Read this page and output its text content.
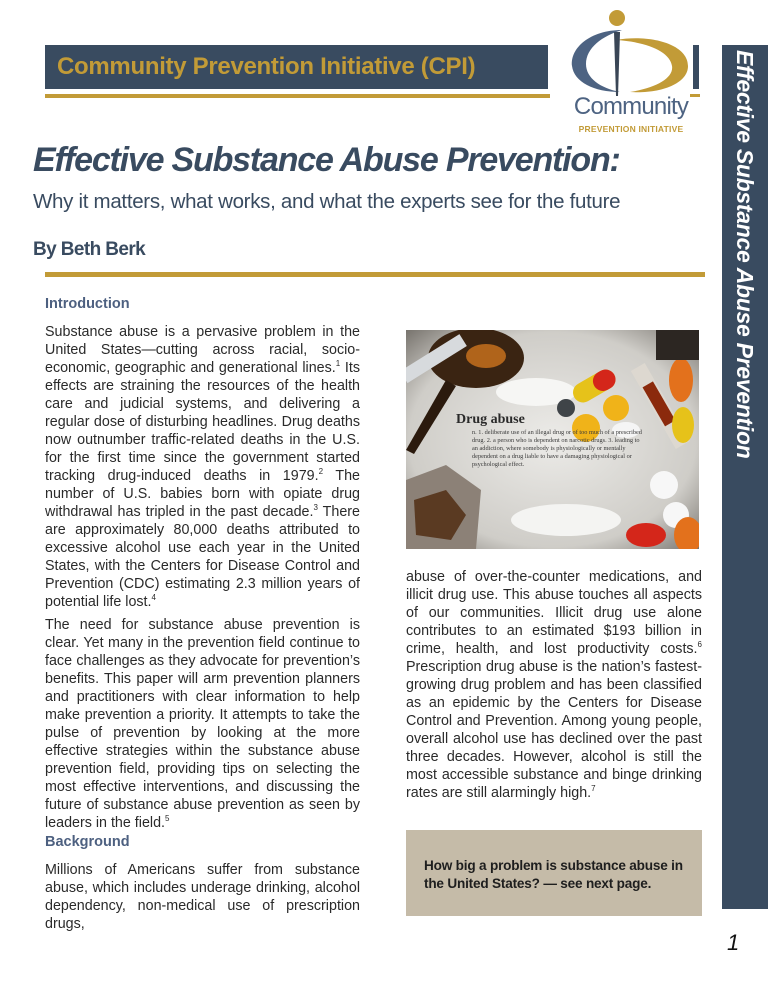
Community Prevention Initiative (CPI)
Community
PREVENTION INITIATIVE	Effective Substance Abuse Prevention
Effective Substance Abuse Prevention:
Why it matters, what works, and what the experts see for the future
By Beth Berk
Introduction
Substance abuse is a pervasive problem in the United States—cutting across racial, socio-economic, geographic and generational lines.$^1$ Its effects are straining the resources of the health care and judicial systems, and delivering a regular dose of disturbing headlines. Drug deaths now outnumber traffic-related deaths in the U.S. for the first time since the government started tracking drug-induced deaths in 1979.$^2$ The number of U.S. babies born with opiate drug withdrawal has tripled in the past decade.$^3$ There are approximately 80,000 deaths attributed to excessive alcohol use each year in the United States, with the Centers for Disease Control and Prevention (CDC) estimating 2.3 million years of potential life lost.$^4$
The need for substance abuse prevention is clear. Yet many in the prevention field continue to face challenges as they advocate for prevention’s benefits. This paper will arm prevention planners and practitioners with clear information to help make prevention a priority. It attempts to take the pulse of prevention by looking at the more effective strategies within the substance abuse prevention field, providing tips on selecting the most effective interventions, and discussing the future of substance abuse prevention as seen by leaders in the field.$^5$
Background
Millions of Americans suffer from substance abuse, which includes underage drinking, alcohol dependency, non-medical use of prescription drugs,
Drug abuse
n. 1. deliberate use of an illegal drug or of too much of a prescribed drug. 2. a person who is dependent on narcotic drugs. 3. leading to an addiction, where somebody is physiologically or mentally dependent on a drug liable to have a damaging physiological or psychological effect.
abuse of over-the-counter medications, and illicit drug use. This abuse touches all aspects of our communities. Illicit drug use alone contributes to an estimated $193 billion in crime, health, and lost productivity costs.$^6$ Prescription drug abuse is the nation’s fastest-growing drug problem and has been classified as an epidemic by the Centers for Disease Control and Prevention. Among young people, overall alcohol use has declined over the past three decades. However, alcohol is still the most accessible substance and binge drinking rates are still alarmingly high.$^7$
How big a problem is substance abuse in the United States? — see next page.
1
